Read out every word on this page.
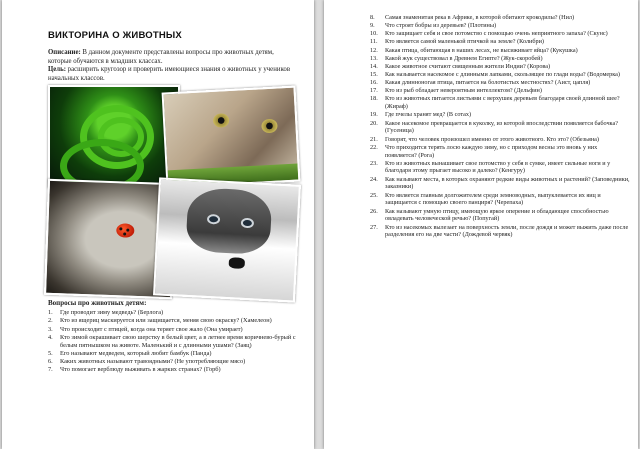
ВИКТОРИНА О ЖИВОТНЫХ

Описание: В данном документе представлены вопросы про животных детям, которые обучаются в младших классах.

Цель: расширить кругозор и проверить имеющиеся знания о животных у учеников начальных классов.

Вопросы про животных детям:

1. Где проводит зиму медведь? (Берлога)
2. Кто из ящериц маскируется или защищается, меняя свою окраску? (Хамелеон)
3. Что происходит с птицей, когда она теряет свое жало (Она умирает)
4. Кто зимой окрашивает свою шерстку в белый цвет, а в летнее время коричнево-бурый с белым пятнышком на животе. Маленький и с длинными ушами? (Заяц)
5. Его называют медведем, который любит бамбук (Панда)
6. Каких животных называют травоядными? (Не употребляющие мясо)
7. Что помогает верблюду выживать в жарких странах? (Горб)
8. Самая знаменитая река в Африке, в которой обитают крокодилы? (Нил)
9. Что строят бобры из деревьев? (Плотины)
10. Кто защищает себя и свое потомство с помощью очень неприятного запаха? (Скунс)
11. Кто является самой маленькой птичкой на земле? (Колибри)
12. Какая птица, обитающая в наших лесах, не высиживает яйца? (Кукушка)
13. Какой жук существовал в Древнем Египте? (Жук-скоробей)
14. Какое животное считают священным жители Индии? (Корова)
15. Как называется насекомое с длинными лапками, скользящее по глади воды? (Водомерка)
16. Какая длинноногая птица, питается на болотистых местностях? (Аист, цапля)
17. Кто из рыб обладает невероятным интеллектом? (Дельфин)
18. Кто из животных питается листьями с верхушек деревьев благодаря своей длинной шее? (Жираф)
19. Где пчелы хранят мед? (В сотах)
20. Какое насекомое превращается в куколку, из которой впоследствии появляется бабочка? (Гусеница)
21. Говорят, что человек произошел именно от этого животного. Кто это? (Обезьяна)
22. Что приходится терять лосю каждую зиму, но с приходом весны это вновь у них появляется? (Рога)
23. Кто из животных вынашивает свое потомство у себя в сумке, имеет сильные ноги и у благодаря этому прыгает высоко и далеко? (Кенгуру)
24. Как называют места, в которых охраняют редкие виды животных и растений? (Заповедники, заказники)
25. Кто является главным долгожителем среди земноводных, выпуклевается их яиц и защищается с помощью своего панциря? (Черепаха)
26. Как называют умную птицу, имеющую яркое оперение и обладающее способностью овладевать человеческой речью? (Попугай)
27. Кто из насекомых вылезает на поверхность земли, после дождя и может выжить даже после разделения его на две части? (Дождевой червяк)
